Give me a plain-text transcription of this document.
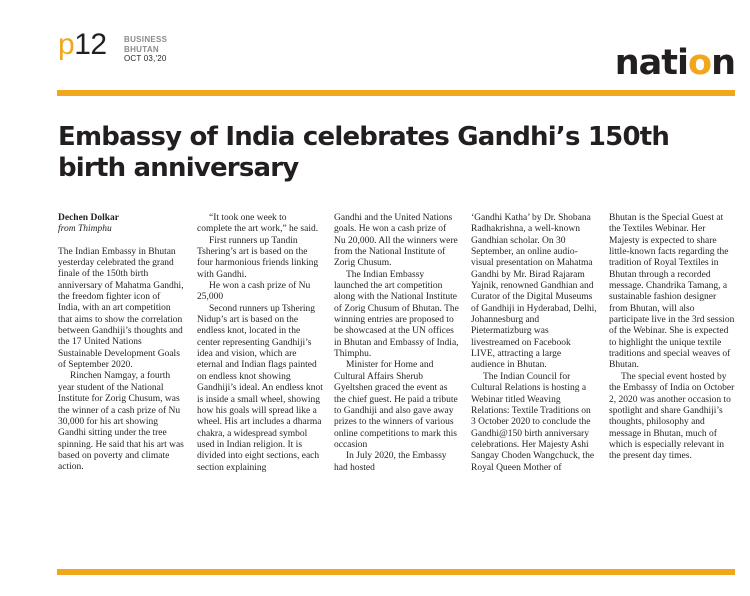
p12 BUSINESS
BHUTAN
OCT 03,'20	nation
Embassy of India celebrates Gandhi’s 150th birth anniversary

Dechen Dolkar

from Thimphu

The Indian Embassy in Bhutan yesterday celebrated the grand finale of the 150th birth anniversary of Mahatma Gandhi, the freedom fighter icon of India, with an art competition that aims to show the correlation between Gandhiji’s thoughts and the 17 United Nations Sustainable Development Goals of September 2020.

Rinchen Namgay, a fourth year student of the National Institute for Zorig Chusum, was the winner of a cash prize of Nu 30,000 for his art showing Gandhi sitting under the tree spinning. He said that his art was based on poverty and climate action.

“It took one week to complete the art work,” he said.

First runners up Tandin Tshering’s art is based on the four harmonious friends linking with Gandhi.

He won a cash prize of Nu 25,000

Second runners up Tshering Nidup’s art is based on the endless knot, located in the center representing Gandhiji’s idea and vision, which are eternal and Indian flags painted on endless knot showing Gandhiji’s ideal. An endless knot is inside a small wheel, showing how his goals will spread like a wheel. His art includes a dharma chakra, a widespread symbol used in Indian religion. It is divided into eight sections, each section explaining

Gandhi and the United Nations goals. He won a cash prize of Nu 20,000. All the winners were from the National Institute of Zorig Chusum.

The Indian Embassy launched the art competition along with the National Institute of Zorig Chusum of Bhutan. The winning entries are proposed to be showcased at the UN offices in Bhutan and Embassy of India, Thimphu.

Minister for Home and Cultural Affairs Sherub Gyeltshen graced the event as the chief guest. He paid a tribute to Gandhiji and also gave away prizes to the winners of various online competitions to mark this occasion

In July 2020, the Embassy had hosted

‘Gandhi Katha’ by Dr. Shobana Radhakrishna, a well-known Gandhian scholar. On 30 September, an online audio-visual presentation on Mahatma Gandhi by Mr. Birad Rajaram Yajnik, renowned Gandhian and Curator of the Digital Museums of Gandhiji in Hyderabad, Delhi, Johannesburg and Pietermatizburg was livestreamed on Facebook LIVE, attracting a large audience in Bhutan.

The Indian Council for Cultural Relations is hosting a Webinar titled Weaving Relations: Textile Traditions on 3 October 2020 to conclude the Gandhi@150 birth anniversary celebrations. Her Majesty Ashi Sangay Choden Wangchuck, the Royal Queen Mother of

Bhutan is the Special Guest at the Textiles Webinar. Her Majesty is expected to share little-known facts regarding the tradition of Royal Textiles in Bhutan through a recorded message. Chandrika Tamang, a sustainable fashion designer from Bhutan, will also participate live in the 3rd session of the Webinar. She is expected to highlight the unique textile traditions and special weaves of Bhutan.

The special event hosted by the Embassy of India on October 2, 2020 was another occasion to spotlight and share Gandhiji’s thoughts, philosophy and message in Bhutan, much of which is especially relevant in the present day times.
